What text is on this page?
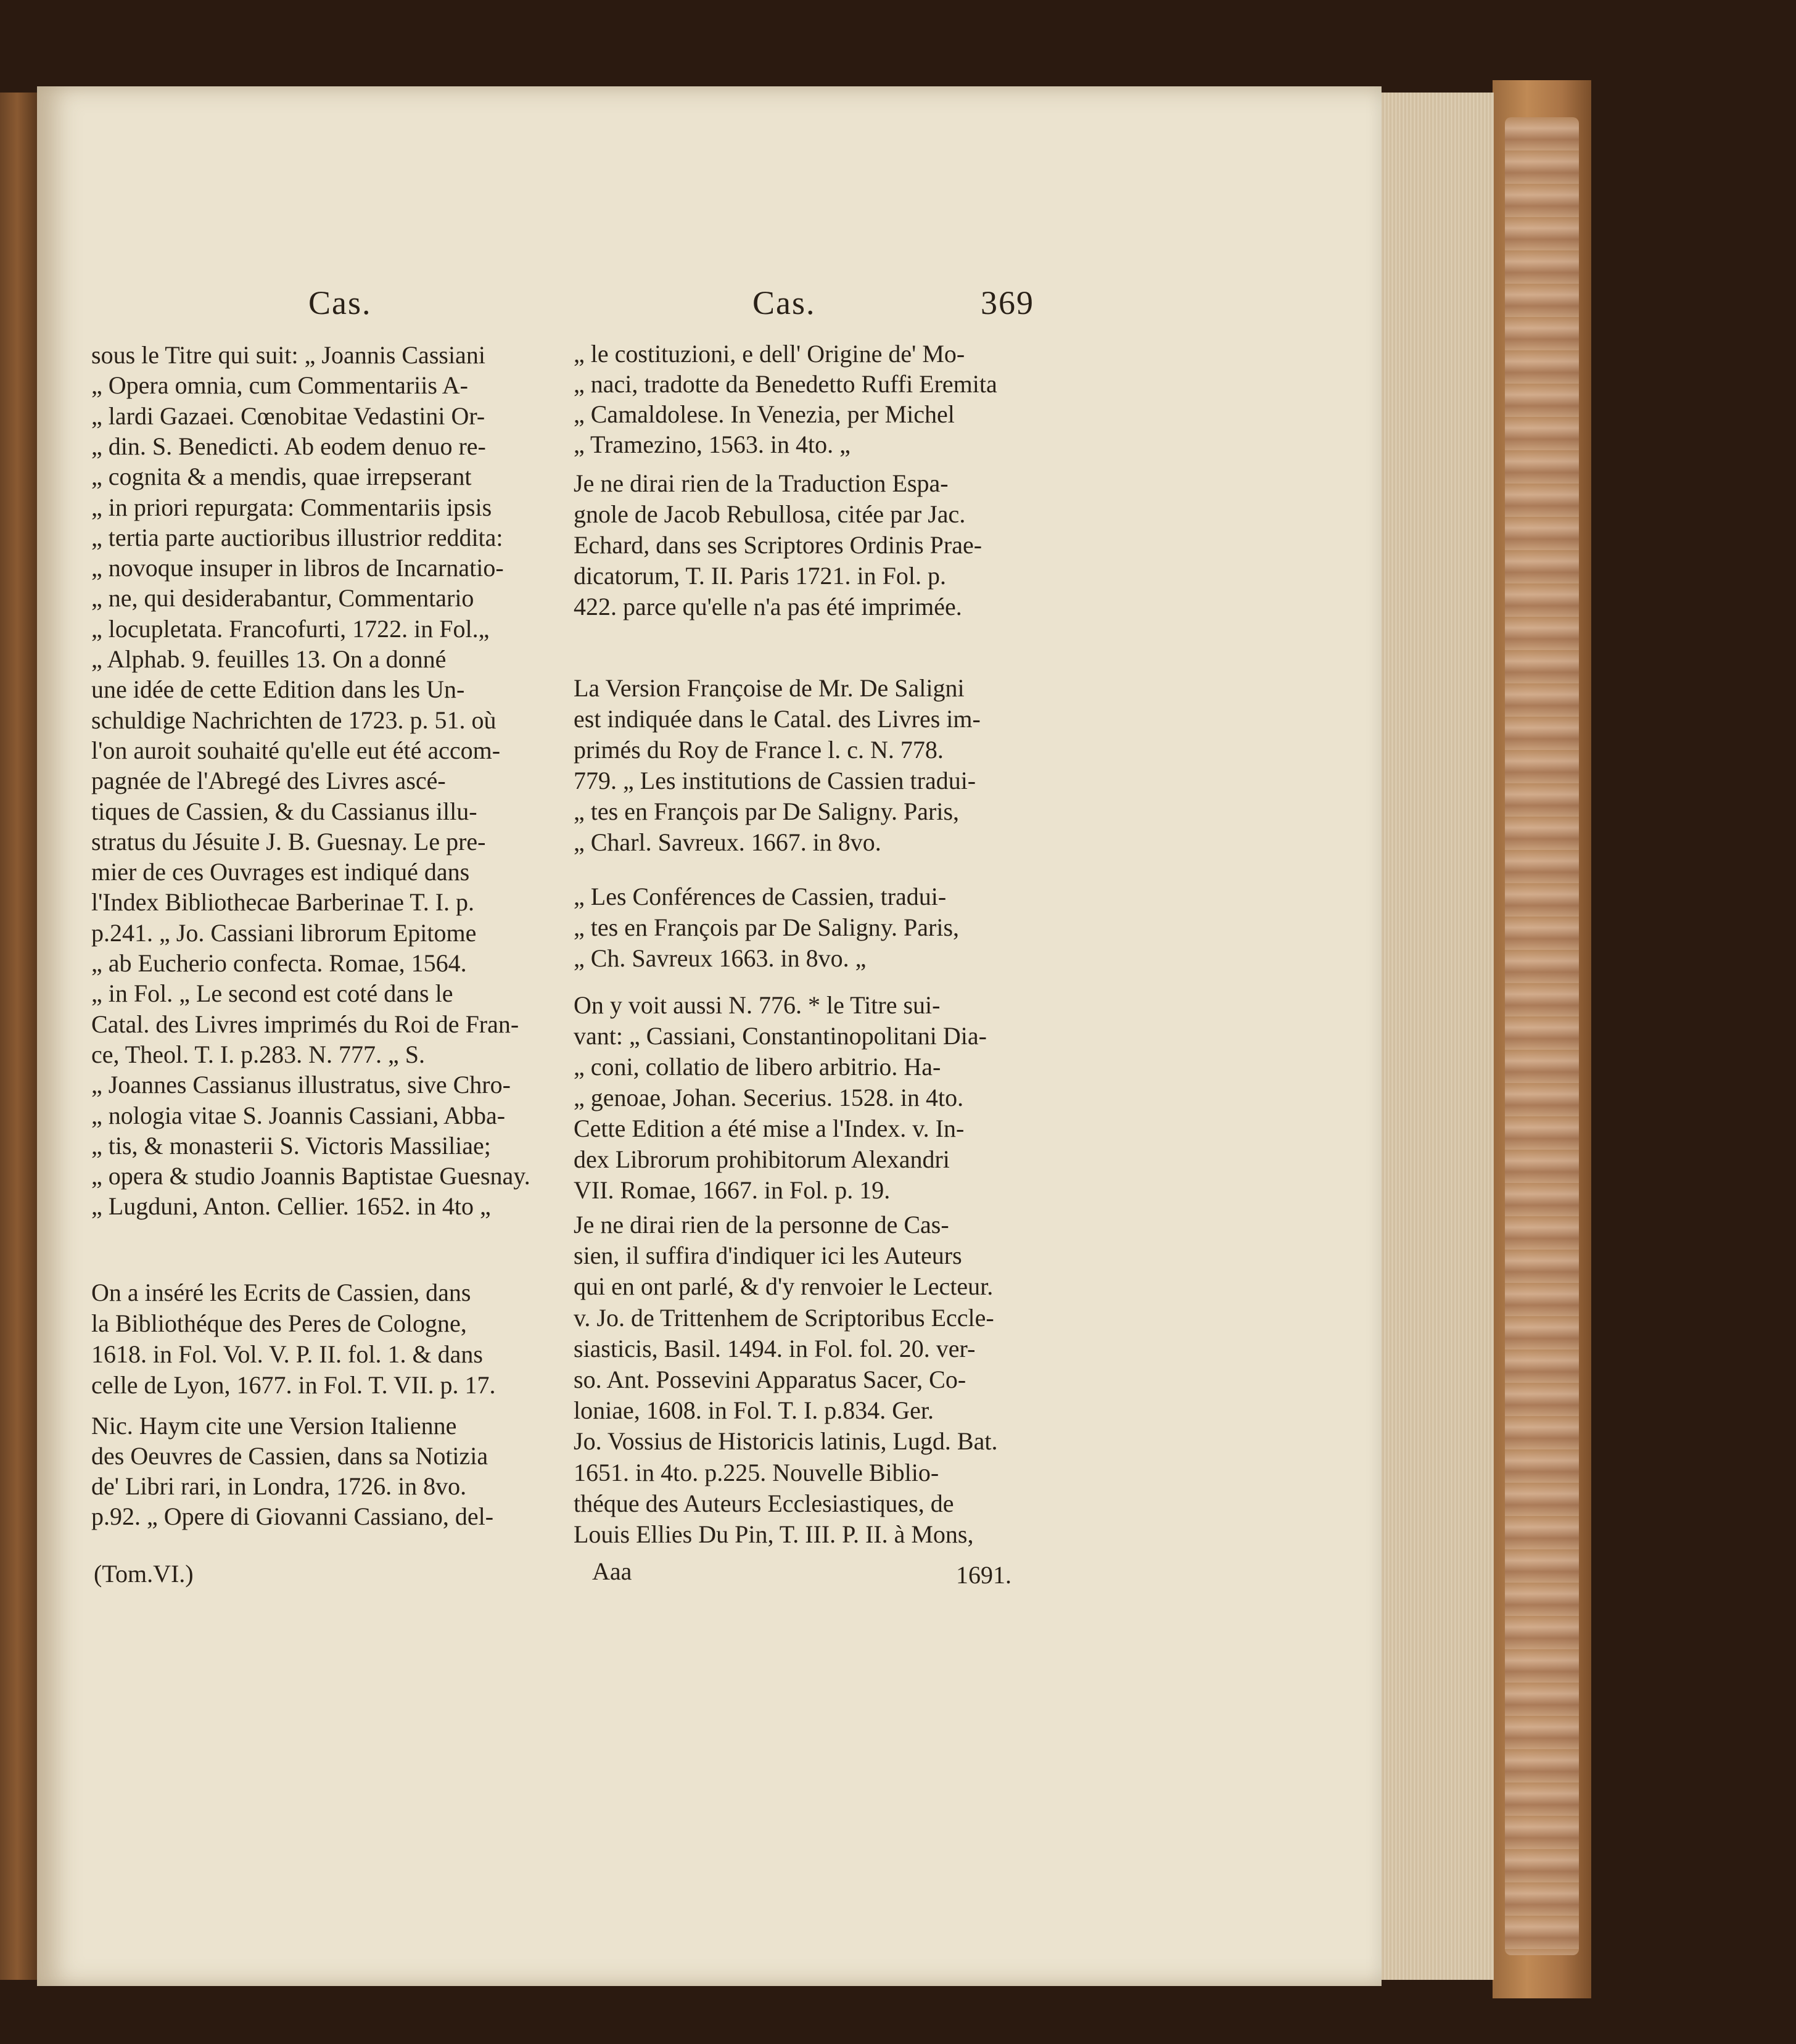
Cas.	Cas.	369
sous le Titre qui suit: „ Joannis Cassiani
„ Opera omnia, cum Commentariis A-
„ lardi Gazaei. Cœnobitae Vedastini Or-
„ din. S. Benedicti. Ab eodem denuo re-
„ cognita & a mendis, quae irrepserant
„ in priori repurgata: Commentariis ipsis
„ tertia parte auctioribus illustrior reddita:
„ novoque insuper in libros de Incarnatio-
„ ne, qui desiderabantur, Commentario
„ locupletata. Francofurti, 1722. in Fol.„
„ Alphab. 9. feuilles 13. On a donné
une idée de cette Edition dans les Un-
schuldige Nachrichten de 1723. p. 51. où
l'on auroit souhaité qu'elle eut été accom-
pagnée de l'Abregé des Livres ascé-
tiques de Cassien, & du Cassianus illu-
stratus du Jésuite J. B. Guesnay. Le pre-
mier de ces Ouvrages est indiqué dans
l'Index Bibliothecae Barberinae T. I. p.
p.241. „ Jo. Cassiani librorum Epitome
„ ab Eucherio confecta. Romae, 1564.
„ in Fol. „ Le second est coté dans le
Catal. des Livres imprimés du Roi de Fran-
ce, Theol. T. I. p.283. N. 777. „ S.
„ Joannes Cassianus illustratus, sive Chro-
„ nologia vitae S. Joannis Cassiani, Abba-
„ tis, & monasterii S. Victoris Massiliae;
„ opera & studio Joannis Baptistae Guesnay.
„ Lugduni, Anton. Cellier. 1652. in 4to „
On a inséré les Ecrits de Cassien, dans
la Bibliothéque des Peres de Cologne,
1618. in Fol. Vol. V. P. II. fol. 1. & dans
celle de Lyon, 1677. in Fol. T. VII. p. 17.
Nic. Haym cite une Version Italienne
des Oeuvres de Cassien, dans sa Notizia
de' Libri rari, in Londra, 1726. in 8vo.
p.92. „ Opere di Giovanni Cassiano, del-
„ le costituzioni, e dell' Origine de' Mo-
„ naci, tradotte da Benedetto Ruffi Eremita
„ Camaldolese. In Venezia, per Michel
„ Tramezino, 1563. in 4to. „
Je ne dirai rien de la Traduction Espa-
gnole de Jacob Rebullosa, citée par Jac.
Echard, dans ses Scriptores Ordinis Prae-
dicatorum, T. II. Paris 1721. in Fol. p.
422. parce qu'elle n'a pas été imprimée.
La Version Françoise de Mr. De Saligni
est indiquée dans le Catal. des Livres im-
primés du Roy de France l. c. N. 778.
779. „ Les institutions de Cassien tradui-
„ tes en François par De Saligny. Paris,
„ Charl. Savreux. 1667. in 8vo.
„ Les Conférences de Cassien, tradui-
„ tes en François par De Saligny. Paris,
„ Ch. Savreux 1663. in 8vo. „
On y voit aussi N. 776. * le Titre sui-
vant: „ Cassiani, Constantinopolitani Dia-
„ coni, collatio de libero arbitrio. Ha-
„ genoae, Johan. Secerius. 1528. in 4to.
Cette Edition a été mise a l'Index. v. In-
dex Librorum prohibitorum Alexandri
VII. Romae, 1667. in Fol. p. 19.
Je ne dirai rien de la personne de Cas-
sien, il suffira d'indiquer ici les Auteurs
qui en ont parlé, & d'y renvoier le Lecteur.
v. Jo. de Trittenhem de Scriptoribus Eccle-
siasticis, Basil. 1494. in Fol. fol. 20. ver-
so. Ant. Possevini Apparatus Sacer, Co-
loniae, 1608. in Fol. T. I. p.834. Ger.
Jo. Vossius de Historicis latinis, Lugd. Bat.
1651. in 4to. p.225. Nouvelle Biblio-
théque des Auteurs Ecclesiastiques, de
Louis Ellies Du Pin, T. III. P. II. à Mons,
(Tom.VI.)	Aaa	1691.
